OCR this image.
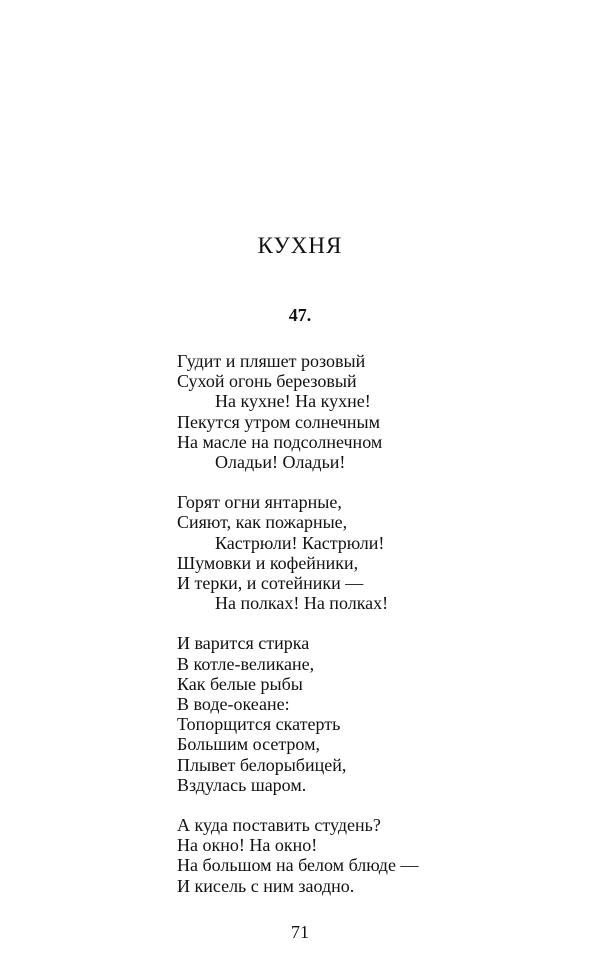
КУХНЯ
47.
Гудит и пляшет розовый
Сухой огонь березовый
На кухне! На кухне!
Пекутся утром солнечным
На масле на подсолнечном
Оладьи! Оладьи!
Горят огни янтарные,
Сияют, как пожарные,
Кастрюли! Кастрюли!
Шумовки и кофейники,
И терки, и сотейники —
На полках! На полках!
И варится стирка
В котле-великане,
Как белые рыбы
В воде-океане:
Топорщится скатерть
Большим осетром,
Плывет белорыбицей,
Вздулась шаром.
А куда поставить студень?
На окно! На окно!
На большом на белом блюде —
И кисель с ним заодно.
71
